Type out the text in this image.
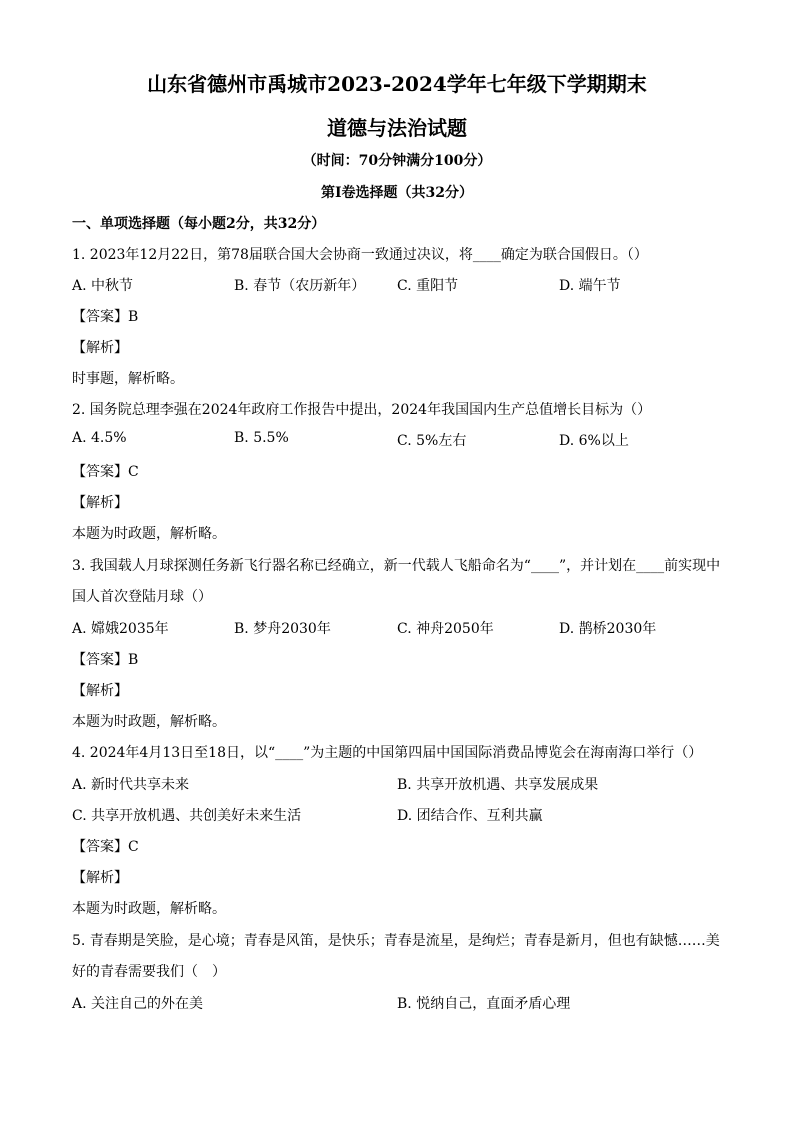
山东省德州市禹城市2023-2024学年七年级下学期期末
道德与法治试题
（时间：70分钟满分100分）
第Ⅰ卷选择题（共32分）
一、单项选择题（每小题2分，共32分）
1. 2023年12月22日，第78届联合国大会协商一致通过决议，将____确定为联合国假日。（）
A. 中秋节	B. 春节（农历新年） C. 重阳节	D. 端午节
【答案】B
【解析】
时事题，解析略。
2. 国务院总理李强在2024年政府工作报告中提出，2024年我国国内生产总值增长目标为（）
A. 4.5%	B. 5.5%	C. 5%左右	D. 6%以上
【答案】C
【解析】
本题为时政题，解析略。
3. 我国载人月球探测任务新飞行器名称已经确立，新一代载人飞船命名为“____”，并计划在____前实现中
国人首次登陆月球（）
A. 嫦娥2035年	B. 梦舟2030年	C. 神舟2050年	D. 鹊桥2030年
【答案】B
【解析】
本题为时政题，解析略。
4. 2024年4月13日至18日，以“____”为主题的中国第四届中国国际消费品博览会在海南海口举行（）
A. 新时代共享未来	B. 共享开放机遇、共享发展成果
C. 共享开放机遇、共创美好未来生活	D. 团结合作、互利共赢
【答案】C
【解析】
本题为时政题，解析略。
5. 青春期是笑脸，是心境；青春是风笛，是快乐；青春是流星，是绚烂；青春是新月，但也有缺憾……美
好的青春需要我们（　）
A. 关注自己的外在美	B. 悦纳自己，直面矛盾心理
